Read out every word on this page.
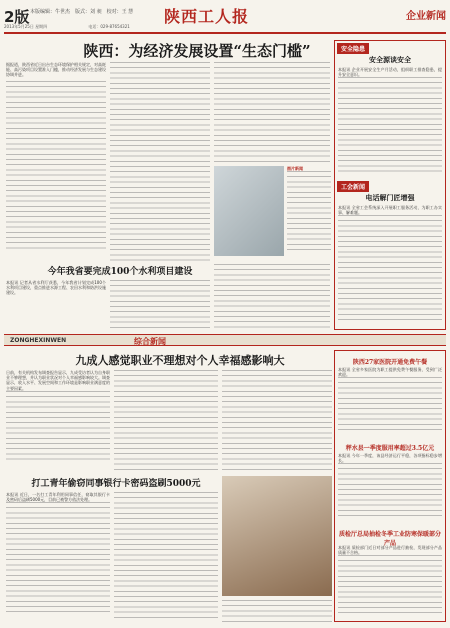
2版 本版编辑：牛世杰　版式：刘 昶　校对：王 慧	陕西工人报	企业新闻
2013年5月25日 星期四	电话：029-87654321
陕西：为经济发展设置“生态门槛”

据报道，陕西省近日出台生态环境保护相关规定，对高耗能、高污染项目设置准入门槛，推动经济发展与生态建设协调并进。

图片新闻

今年我省要完成100个水利项目建设

本报讯 记者从省水利厅获悉，今年我省计划完成100个水利项目建设，重点推进水源工程、农田水利和防洪设施建设。

安全隐患
安全源谈安全

本报讯 企业开展安全生产月活动，组织职工排查隐患，提升安全意识。

工会新闻
电话解门匠增强

本报讯 全省工会系统深入开展职工服务活动，为职工办实事、解难题。

ZONGHEXINWEN	综合新闻
九成人感觉职业不理想对个人幸福感影响大

日前，有关机构发布调查报告显示，九成受访者认为自身职业不够理想，并认为职业状况对个人幸福感影响较大。调查显示，收入水平、发展空间和工作环境是影响职业满意度的主要因素。

打工青年偷窃同事银行卡密码盗刷5000元

本报讯 近日，一名打工青年利用同事信任，窃取其银行卡及密码后盗刷5000元，目前已被警方依法处理。

陕西27家医院开通免费午餐

本报讯 全省多家医院为职工提供免费午餐服务，受到广泛欢迎。

秤水县一季度服用率超过3.5亿元

本报讯 今年一季度，该县经济运行平稳，各项指标稳步增长。

质检厅总局抽检冬季工业防寒保暖部分产品

本报讯 质检部门近日对部分产品进行抽检，发现部分产品质量不合格。
